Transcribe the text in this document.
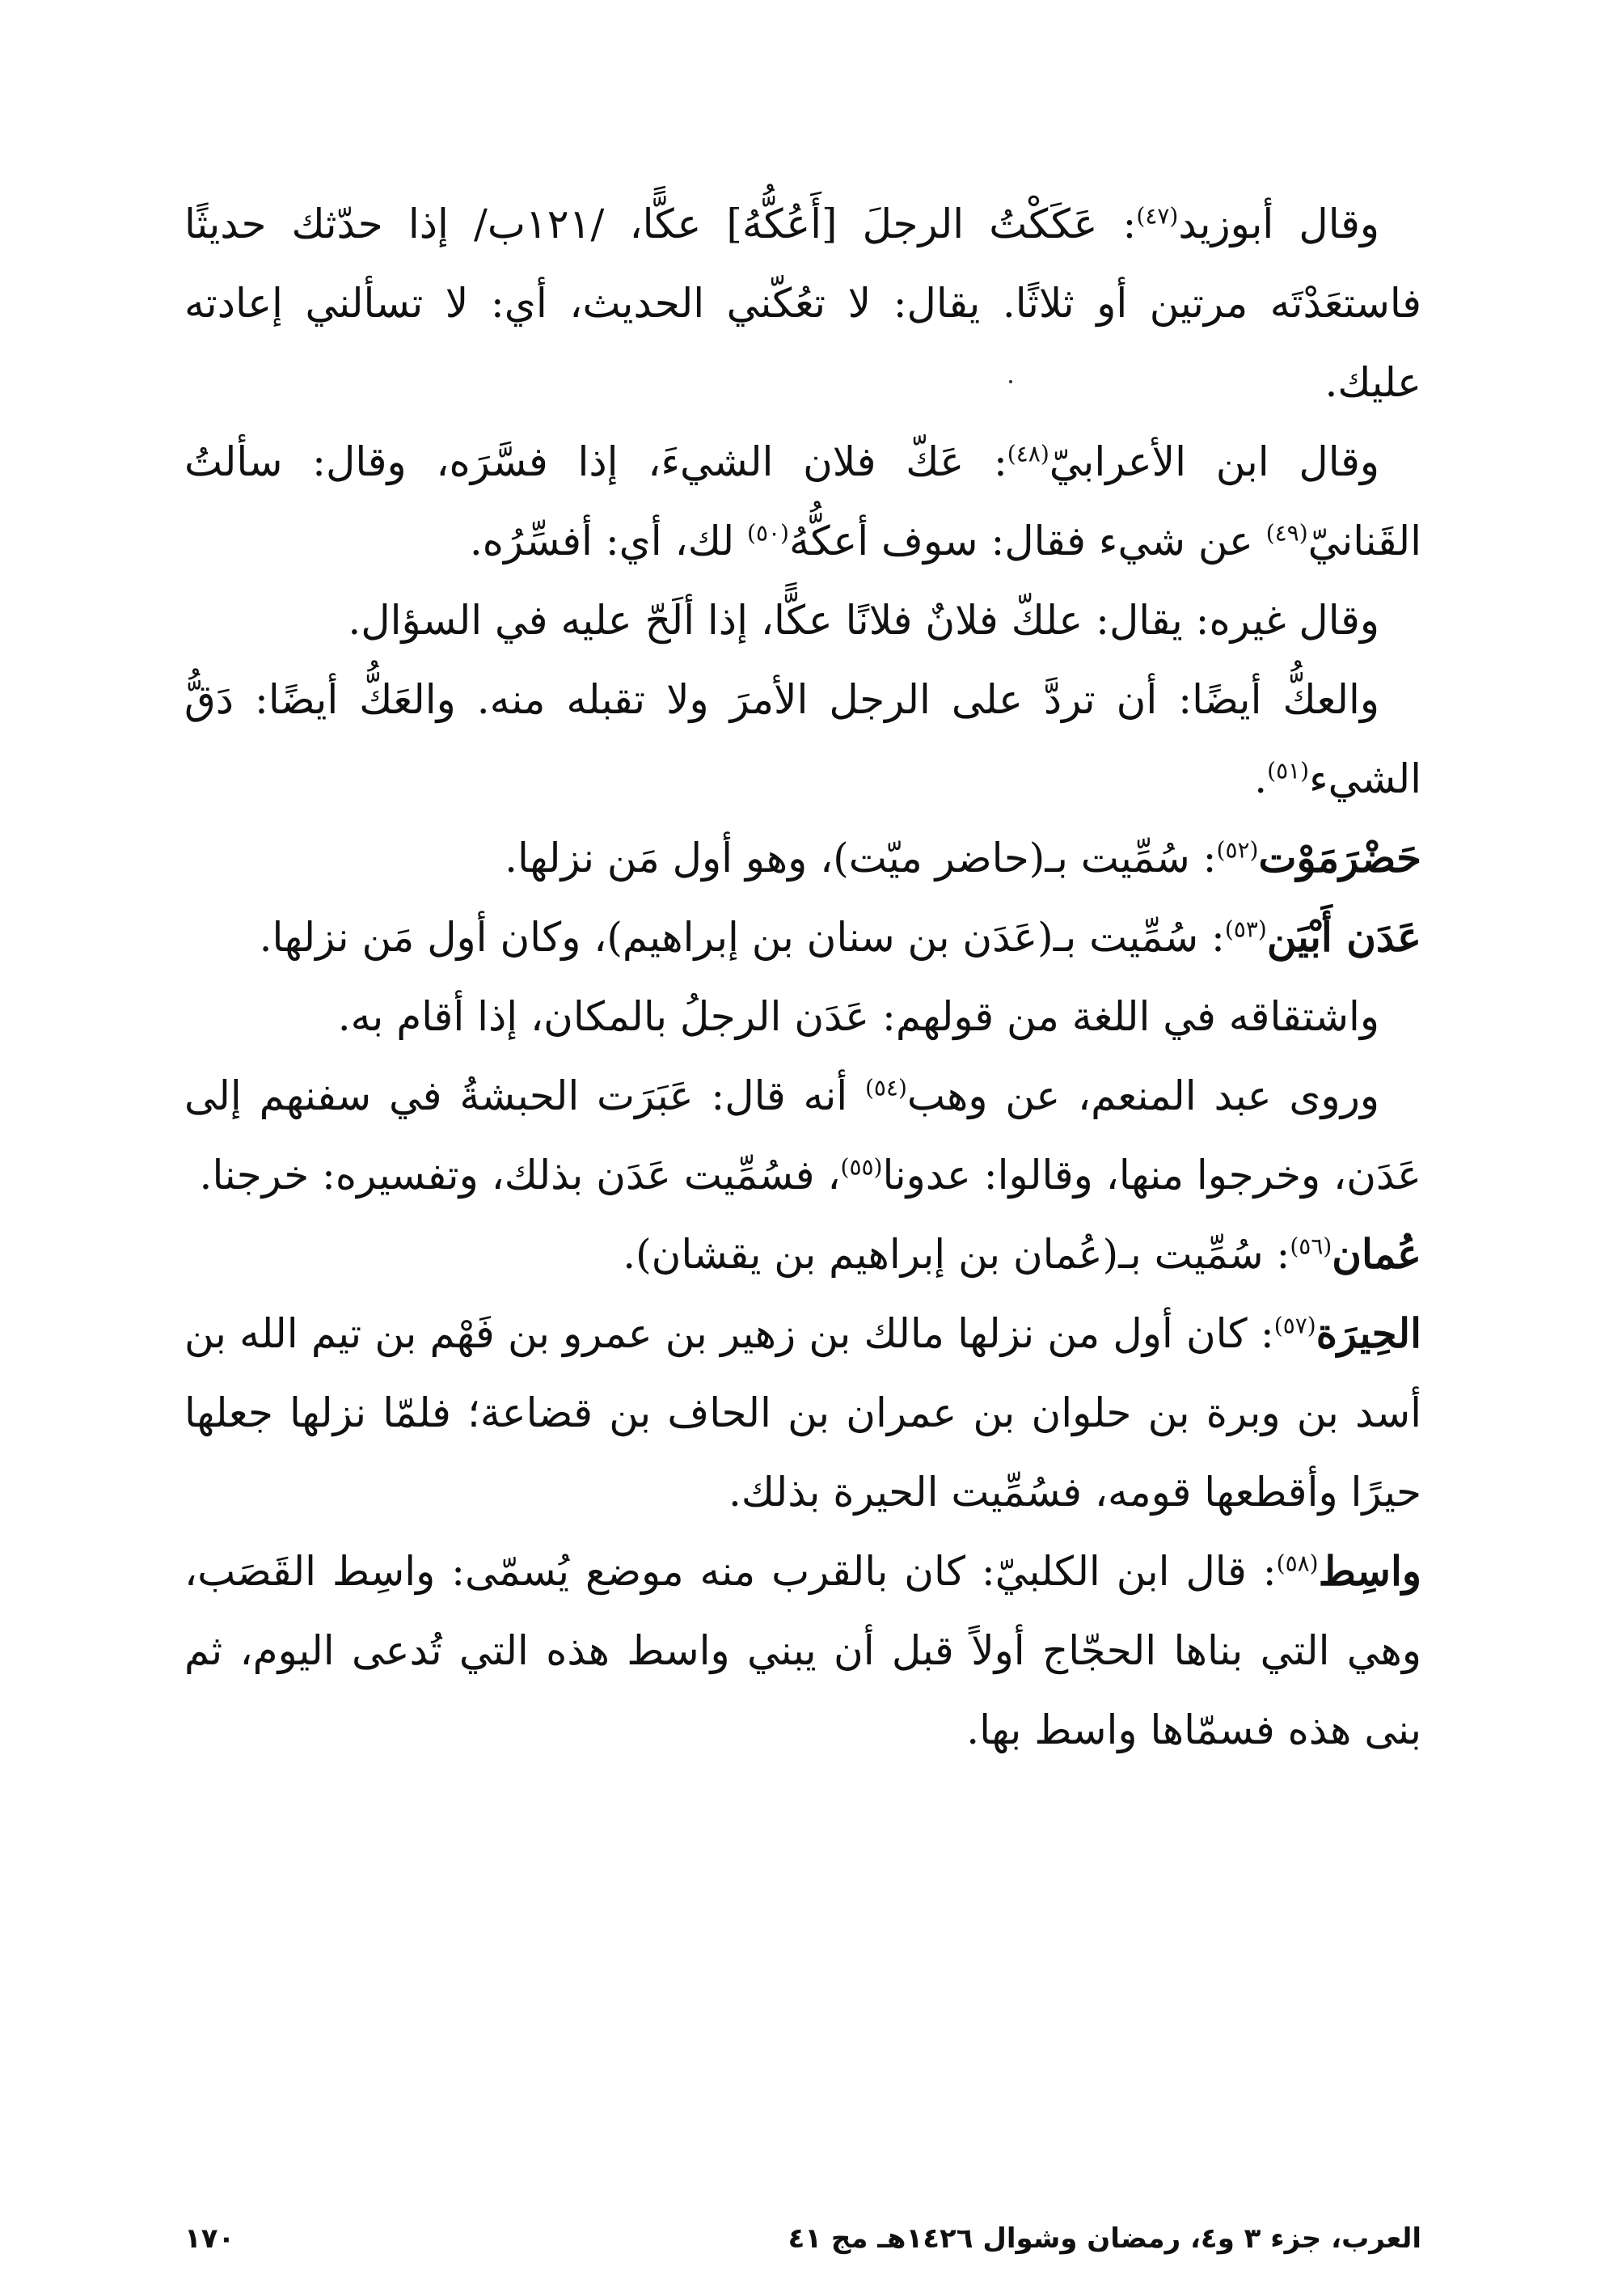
وقال أبوزيد$^{(٤٧)}$: عَكَكْتُ الرجلَ [أَعُكُّهُ] عكًّا، /١٢١ب/ إذا حدّثك حديثًا فاستعَدْتَه مرتين أو ثلاثًا. يقال: لا تعُكّني الحديث، أي: لا تسألني إعادته عليك.

وقال ابن الأعرابيّ$^{(٤٨)}$: عَكّ فلان الشيءَ، إذا فسَّرَه، وقال: سألتُ القَنانيّ$^{(٤٩)}$ عن شيء فقال: سوف أعكُّهُ$^{(٥٠)}$ لك، أي: أفسِّرُه.

وقال غيره: يقال: علكّ فلانٌ فلانًا عكًّا، إذا ألَحّ عليه في السؤال.

والعكُّ أيضًا: أن تردَّ على الرجل الأمرَ ولا تقبله منه. والعَكُّ أيضًا: دَقُّ الشيء$^{(٥١)}$.

حَضْرَمَوْت$^{(٥٢)}$: سُمِّيت بـ(حاضر ميّت)، وهو أول مَن نزلها.

عَدَن أَبْيَن$^{(٥٣)}$: سُمِّيت بـ(عَدَن بن سنان بن إبراهيم)، وكان أول مَن نزلها.

واشتقاقه في اللغة من قولهم: عَدَن الرجلُ بالمكان، إذا أقام به.

وروى عبد المنعم، عن وهب$^{(٥٤)}$ أنه قال: عَبَرَت الحبشةُ في سفنهم إلى عَدَن، وخرجوا منها، وقالوا: عدونا$^{(٥٥)}$، فسُمِّيت عَدَن بذلك، وتفسيره: خرجنا.

عُمان$^{(٥٦)}$: سُمِّيت بـ(عُمان بن إبراهيم بن يقشان).

الحِيرَة$^{(٥٧)}$: كان أول من نزلها مالك بن زهير بن عمرو بن فَهْم بن تيم الله بن أسد بن وبرة بن حلوان بن عمران بن الحاف بن قضاعة؛ فلمّا نزلها جعلها حيرًا وأقطعها قومه، فسُمِّيت الحيرة بذلك.

واسِط$^{(٥٨)}$: قال ابن الكلبيّ: كان بالقرب منه موضع يُسمّى: واسِط القَصَب، وهي التي بناها الحجّاج أولاً قبل أن يبني واسط هذه التي تُدعى اليوم، ثم بنى هذه فسمّاها واسط بها.

العرب، جزء ٣ و٤، رمضان وشوال ١٤٢٦هـ مج ٤١
١٧٠
